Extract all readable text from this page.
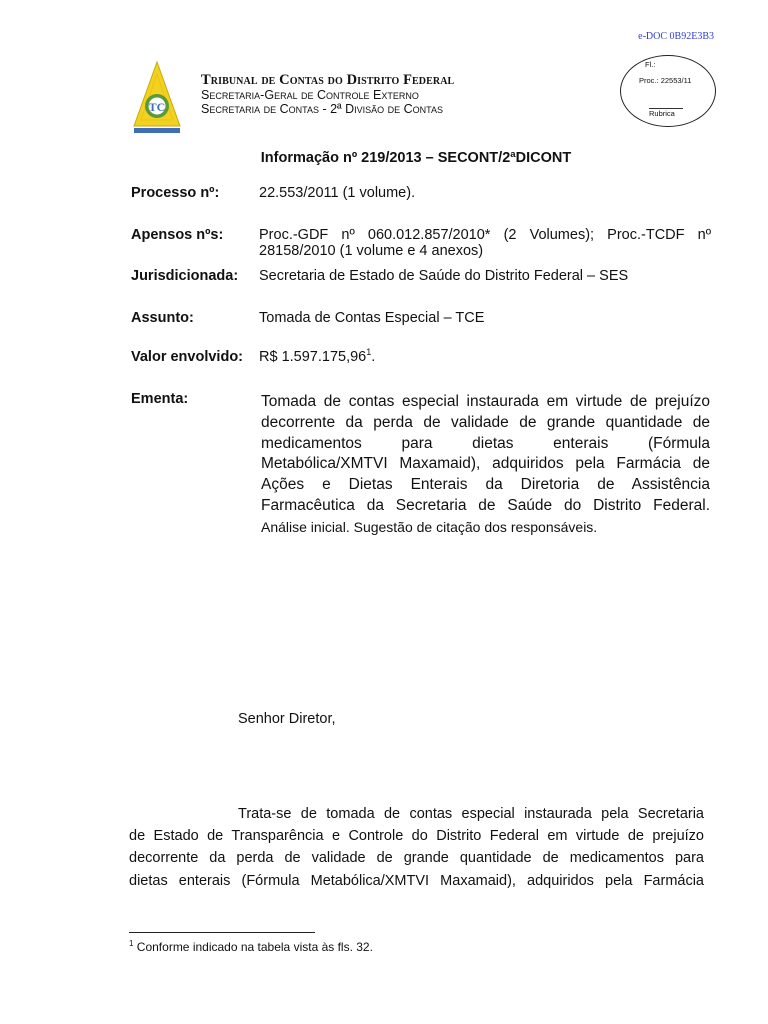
e-DOC 0B92E3B3
TC
Tribunal de Contas do Distrito Federal
Secretaria-Geral de Controle Externo
Secretaria de Contas - 2ª Divisão de Contas
Fl.:
Proc.: 22553/11
Rubrica
Informação nº 219/2013 – SECONT/2ªDICONT
Processo nº:	22.553/2011 (1 volume).
Apensos nºs: Proc.-GDF nº 060.012.857/2010* (2 Volumes); Proc.-TCDF nº 28158/2010 (1 volume e 4 anexos)
Jurisdicionada: Secretaria de Estado de Saúde do Distrito Federal – SES
Assunto:	Tomada de Contas Especial – TCE
Valor envolvido: R$ 1.597.175,96$^1$.
Ementa:	Tomada de contas especial instaurada em virtude de prejuízo
decorrente da perda de validade de grande quantidade de
medicamentos para dietas enterais (Fórmula
Metabólica/XMTVI Maxamaid), adquiridos pela Farmácia de
Ações e Dietas Enterais da Diretoria de Assistência
Farmacêutica da Secretaria de Saúde do Distrito Federal.
Análise inicial. Sugestão de citação dos responsáveis.
Senhor Diretor,
Trata-se de tomada de contas especial instaurada pela Secretaria
de Estado de Transparência e Controle do Distrito Federal em virtude de prejuízo
decorrente da perda de validade de grande quantidade de medicamentos para
dietas enterais (Fórmula Metabólica/XMTVI Maxamaid), adquiridos pela Farmácia
$^1$ Conforme indicado na tabela vista às fls. 32.
